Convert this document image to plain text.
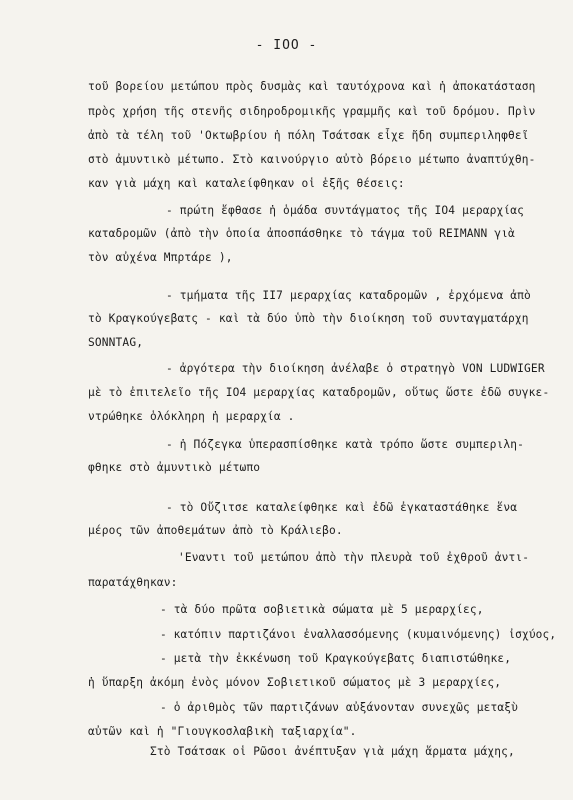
- IOO -
τοῦ βορείου μετώπου πρὸς δυσμὰς καὶ ταυτόχρονα καὶ ἡ ἀποκατάσταση
πρὸς χρήση τῆς στενῆς σιδηροδρομικῆς γραμμῆς καὶ τοῦ δρόμου. Πρὶν
ἀπὸ τὰ τέλη τοῦ 'Οκτωβρίου ἡ πόλη Τσάτσακ εἶχε ἤδη συμπεριληφθεῖ
στὸ ἀμυντικὸ μέτωπο. Στὸ καινούργιο αὐτὸ βόρειο μέτωπο ἀναπτύχθη-
καν γιὰ μάχη καὶ καταλείφθηκαν οἱ ἑξῆς θέσεις:
- πρώτη ἔφθασε ἡ ὁμάδα συντάγματος τῆς IO4 μεραρχίας
καταδρομῶν (ἀπὸ τὴν ὁποία ἀποσπάσθηκε τὸ τάγμα τοῦ REIMANN γιὰ
τὸν αὐχένα Μπρτάρε ),
- τμήματα τῆς II7 μεραρχίας καταδρομῶν , ἐρχόμενα ἀπὸ
τὸ Κραγκούγεβατς - καὶ τὰ δύο ὑπὸ τὴν διοίκηση τοῦ συνταγματάρχη
SONNTAG,
- ἀργότερα τὴν διοίκηση ἀνέλαβε ὁ στρατηγὸ VON LUDWIGER
μὲ τὸ ἐπιτελεῖο τῆς IO4 μεραρχίας καταδρομῶν, οὕτως ὥστε ἐδῶ συγκε-
ντρώθηκε ὁλόκληρη ἡ μεραρχία .
- ἡ Πόζεγκα ὑπερασπίσθηκε κατὰ τρόπο ὥστε συμπεριλη-
φθηκε στὸ ἀμυντικὸ μέτωπο
- τὸ Οὔζιτσε καταλείφθηκε καὶ ἐδῶ ἐγκαταστάθηκε ἕνα
μέρος τῶν ἀποθεμάτων ἀπὸ τὸ Κράλιεβο.
'Εναντι τοῦ μετώπου ἀπὸ τὴν πλευρὰ τοῦ ἐχθροῦ ἀντι-
παρατάχθηκαν:
- τὰ δύο πρῶτα σοβιετικὰ σώματα μὲ 5 μεραρχίες,
- κατόπιν παρτιζάνοι ἐναλλασσόμενης (κυμαινόμενης) ἰσχύος,
- μετὰ τὴν ἐκκένωση τοῦ Κραγκούγεβατς διαπιστώθηκε,
ἡ ὕπαρξη ἀκόμη ἑνὸς μόνον Σοβιετικοῦ σώματος μὲ 3 μεραρχίες,
- ὁ ἀριθμὸς τῶν παρτιζάνων αὐξάνονταν συνεχῶς μεταξὺ
αὐτῶν καὶ ἡ "Γιουγκοσλαβικὴ ταξιαρχία".
Στὸ Τσάτσακ οἱ Ρῶσοι ἀνέπτυξαν γιὰ μάχη ἅρματα μάχης,
